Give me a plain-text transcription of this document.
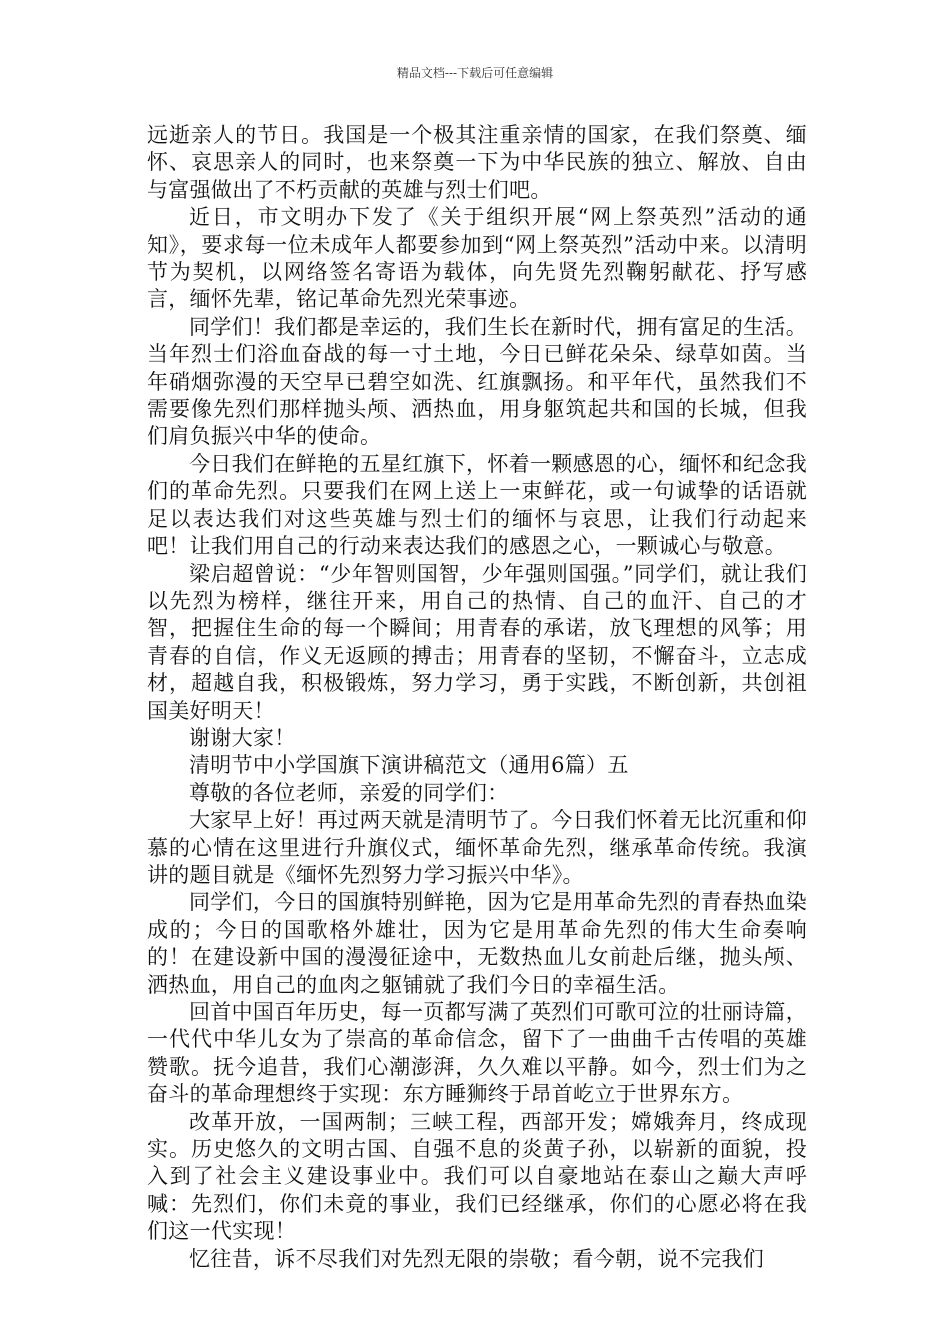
精品文档---下载后可任意编辑

远逝亲人的节日。我国是一个极其注重亲情的国家，在我们祭奠、缅怀、哀思亲人的同时，也来祭奠一下为中华民族的独立、解放、自由与富强做出了不朽贡献的英雄与烈士们吧。

近日，市文明办下发了《关于组织开展“网上祭英烈”活动的通知》，要求每一位未成年人都要参加到“网上祭英烈”活动中来。以清明节为契机，以网络签名寄语为载体，向先贤先烈鞠躬献花、抒写感言，缅怀先辈，铭记革命先烈光荣事迹。

同学们！我们都是幸运的，我们生长在新时代，拥有富足的生活。当年烈士们浴血奋战的每一寸土地，今日已鲜花朵朵、绿草如茵。当年硝烟弥漫的天空早已碧空如洗、红旗飘扬。和平年代，虽然我们不需要像先烈们那样抛头颅、洒热血，用身躯筑起共和国的长城，但我们肩负振兴中华的使命。

今日我们在鲜艳的五星红旗下，怀着一颗感恩的心，缅怀和纪念我们的革命先烈。只要我们在网上送上一束鲜花，或一句诚挚的话语就足以表达我们对这些英雄与烈士们的缅怀与哀思，让我们行动起来吧！让我们用自己的行动来表达我们的感恩之心，一颗诚心与敬意。

梁启超曾说：“少年智则国智，少年强则国强。”同学们，就让我们以先烈为榜样，继往开来，用自己的热情、自己的血汗、自己的才智，把握住生命的每一个瞬间；用青春的承诺，放飞理想的风筝；用青春的自信，作义无返顾的搏击；用青春的坚韧，不懈奋斗，立志成材，超越自我，积极锻炼，努力学习，勇于实践，不断创新，共创祖国美好明天！

谢谢大家！

清明节中小学国旗下演讲稿范文（通用6篇）五

尊敬的各位老师，亲爱的同学们：

大家早上好！再过两天就是清明节了。今日我们怀着无比沉重和仰慕的心情在这里进行升旗仪式，缅怀革命先烈，继承革命传统。我演讲的题目就是《缅怀先烈努力学习振兴中华》。

同学们，今日的国旗特别鲜艳，因为它是用革命先烈的青春热血染成的；今日的国歌格外雄壮，因为它是用革命先烈的伟大生命奏响的！在建设新中国的漫漫征途中，无数热血儿女前赴后继，抛头颅、洒热血，用自己的血肉之躯铺就了我们今日的幸福生活。

回首中国百年历史，每一页都写满了英烈们可歌可泣的壮丽诗篇，一代代中华儿女为了崇高的革命信念，留下了一曲曲千古传唱的英雄赞歌。抚今追昔，我们心潮澎湃，久久难以平静。如今，烈士们为之奋斗的革命理想终于实现：东方睡狮终于昂首屹立于世界东方。

改革开放，一国两制；三峡工程，西部开发；嫦娥奔月，终成现实。历史悠久的文明古国、自强不息的炎黄子孙，以崭新的面貌，投入到了社会主义建设事业中。我们可以自豪地站在泰山之巅大声呼喊：先烈们，你们未竟的事业，我们已经继承，你们的心愿必将在我们这一代实现！

忆往昔，诉不尽我们对先烈无限的崇敬；看今朝，说不完我们
